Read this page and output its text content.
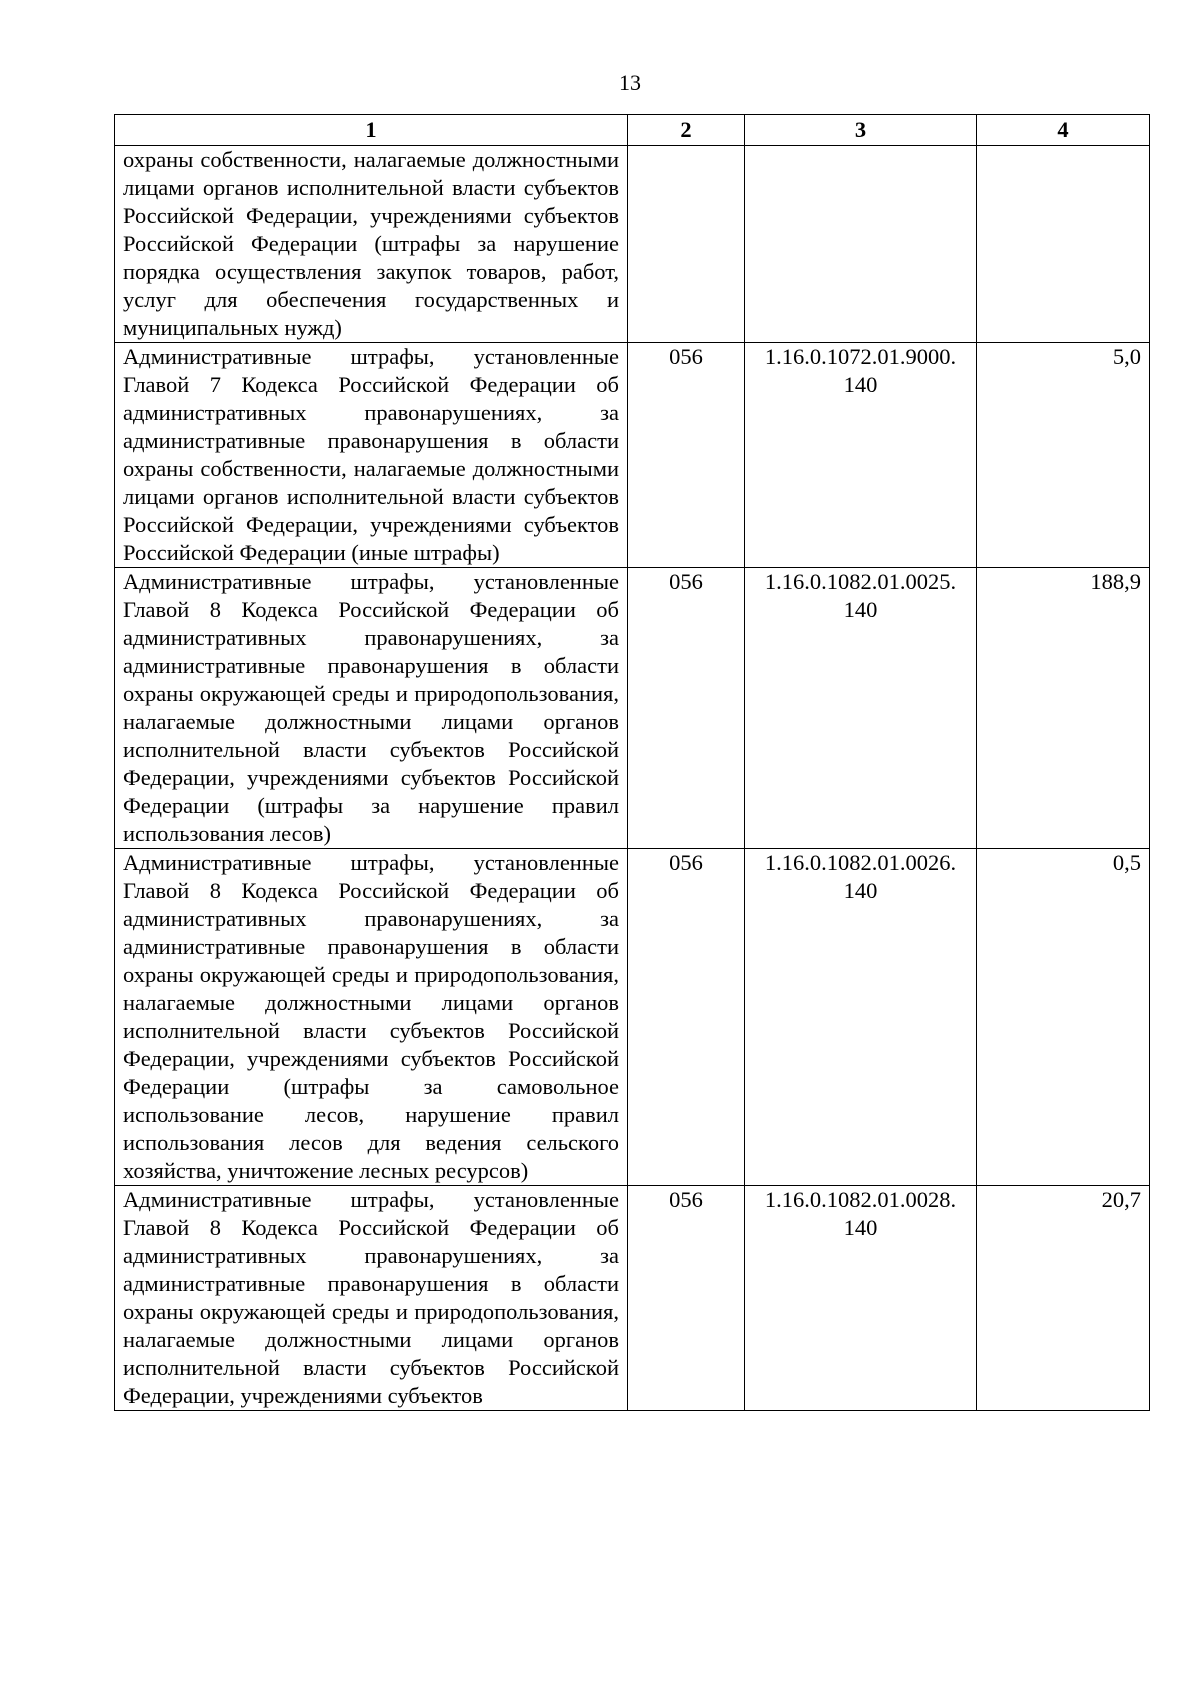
13
1	2	3	4
охраны собственности, налагаемые должностными лицами органов исполнительной власти субъектов Российской Федерации, учреждениями субъектов Российской Федерации (штрафы за нарушение порядка осуществления закупок товаров, работ, услуг для обеспечения государственных и муниципальных нужд)			
Административные штрафы, установленные Главой 7 Кодекса Российской Федерации об административных правонарушениях, за административные правонарушения в области охраны собственности, налагаемые должностными лицами органов исполнительной власти субъектов Российской Федерации, учреждениями субъектов Российской Федерации (иные штрафы)	056	1.16.0.1072.01.9000. 140	5,0
Административные штрафы, установленные Главой 8 Кодекса Российской Федерации об административных правонарушениях, за административные правонарушения в области охраны окружающей среды и природопользования, налагаемые должностными лицами органов исполнительной власти субъектов Российской Федерации, учреждениями субъектов Российской Федерации (штрафы за нарушение правил использования лесов)	056	1.16.0.1082.01.0025. 140	188,9
Административные штрафы, установленные Главой 8 Кодекса Российской Федерации об административных правонарушениях, за административные правонарушения в области охраны окружающей среды и природопользования, налагаемые должностными лицами органов исполнительной власти субъектов Российской Федерации, учреждениями субъектов Российской Федерации (штрафы за самовольное использование лесов, нарушение правил использования лесов для ведения сельского хозяйства, уничтожение лесных ресурсов)	056	1.16.0.1082.01.0026. 140	0,5
Административные штрафы, установленные Главой 8 Кодекса Российской Федерации об административных правонарушениях, за административные правонарушения в области охраны окружающей среды и природопользования, налагаемые должностными лицами органов исполнительной власти субъектов Российской Федерации, учреждениями субъектов	056	1.16.0.1082.01.0028. 140	20,7
